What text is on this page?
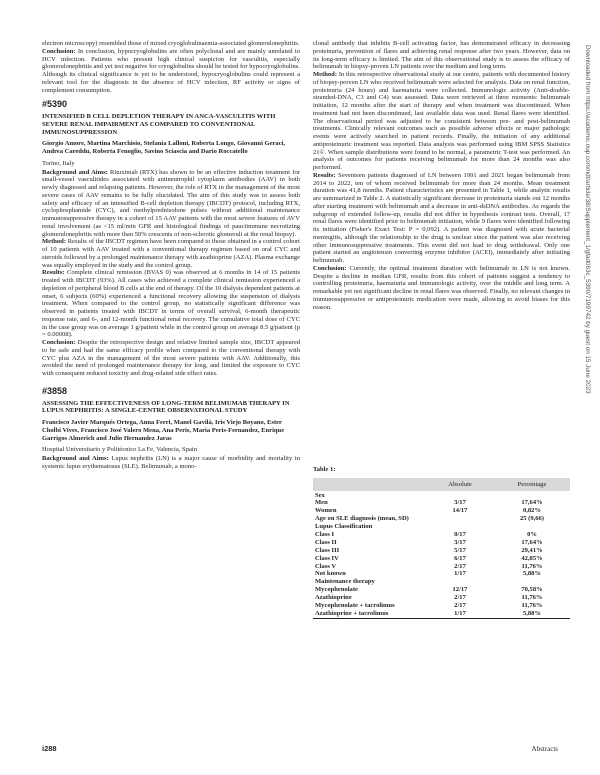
electron microscopy) resembled those of mixed cryoglobulinaemia-associated glomerulonephritis.

Conclusion: In conclusion, hypocryoglobulins are often polyclonal and are mainly unrelated to HCV infection. Patients who present high clinical suspicion for vasculitis, especially glomerulonephritis and yet test negative for cryoglobulins should be tested for hypocryoglobulins. Although its clinical significance is yet to be understood, hypocryoglobulins could represent a relevant tool for the diagnosis in the absence of HCV infection, RF activity or signs of complement consumption.

#5390
INTENSIFIED B CELL DEPLETION THERAPY IN ANCA-VASCULITIS WITH SEVERE RENAL IMPAIRMENT AS COMPARED TO CONVENTIONAL IMMUNOSUPPRESSION
Giorgio Amore, Martina Marchisio, Stefania Lalloni, Roberta Longo, Giovanni Geraci, Andrea Careddu, Roberta Fenoglio, Savino Sciascia and Dario Roccatello
Torino, Italy

Background and Aims: Rituximab (RTX) has shown to be an effective induction treatment for small-vessel vasculitides associated with antineutrophil cytoplasm antibodies (AAV) in both newly diagnosed and relapsing patients. However, the role of RTX in the management of the most severe cases of AAV remains to be fully elucidated. The aim of this study was to assess both safety and efficacy of an intensified B-cell depletion therapy (IBCDT) protocol, including RTX, cyclophosphamide (CYC), and methylprednisolone pulses without additional maintenance immunosuppressive therapy in a cohort of 15 AAV patients with the most severe features of AVV renal involvement (as <15 ml/min GFR and histological findings of pauciimmune necrotizing glomerulonephritis with more than 50% crescents of non-sclerotic glomeruli at the renal biopsy).

Method: Results of the IBCDT regimen have been compared to those obtained in a control cohort of 10 patients with AAV treated with a conventional therapy regimen based on oral CYC and steroids followed by a prolonged maintenance therapy with azathioprine (AZA). Plasma exchange was equally employed in the study and the control group.

Results: Complete clinical remission (BVAS 0) was observed at 6 months in 14 of 15 patients treated with IBCDT (93%). All cases who achieved a complete clinical remission experienced a depletion of peripheral blood B cells at the end of therapy. Of the 10 dialysis dependent patients at onset, 6 subjects (60%) experienced a functional recovery allowing the suspension of dialysis treatment. When compared to the control group, no statistically significant difference was observed in patients treated with IBCDT in terms of overall survival, 6-month therapeutic response rate, and 6-, and 12-month functional renal recovery. The cumulative total dose of CYC in the case group was on average 1 g/patient while in the control group on average 8.5 g/patient (p = 0.00008).

Conclusion: Despite the retrospective design and relative limited sample size, IBCDT appeared to be safe and had the same efficacy profile when compared to the conventional therapy with CYC plus AZA in the management of the most severe patients with AAV. Additionally, this avoided the need of prolonged maintenance therapy for long, and limited the exposure to CYC with consequent reduced toxicity and drug-related side effect rates.

#3858
ASSESSING THE EFFECTIVENESS OF LONG-TERM BELIMUMAB THERAPY IN LUPUS NEPHRITIS: A SINGLE-CENTRE OBSERVATIONAL STUDY
Francisco Javier Marqués Ortega, Anna Ferri, Manel Gavilà, Iris Viejo Boyano, Ester Cholbi Vives, Francisco José Valero Mena, Ana Peris, Maria Peris-Fernandez, Enrique Garrigos Almerich and Julio Hernandez Jaras
Hospital Universitario y Politécnico La Fe, Valencia, Spain

Background and Aims: Lupus nephritis (LN) is a major cause of morbidity and mortality in systemic lupus erythematosus (SLE). Belimumab, a mono-

clonal antibody that inhibits B-cell activating factor, has demonstrated efficacy in decreasing proteinuria, prevention of flares and achieving renal response after two years. However, data on its long-term efficacy is limited. The aim of this observational study is to assess the efficacy of belimumab in biopsy-proven LN patients over the medium and long term.

Method: In this retrospective observational study at our centre, patients with documented history of biopsy-proven LN who received belimumab were selected for analysis. Data on renal function, proteinuria (24 hours) and haematuria were collected. Immunologic activity (Anti-double-stranded-DNA, C3 and C4) was assessed. Data were retrieved at three moments: belimumab initiation, 12 months after the start of therapy and when treatment was discontinued. When treatment had not been discontinued, last available data was used. Renal flares were identified. The observational period was adjusted to be consistent between pre- and post-belimumab treatments. Clinically relevant outcomes such as possible adverse effects or major pathologic events were actively searched in patient records. Finally, the initiation of any additional antiproteinuric treatment was reported. Data analysis was performed using IBM SPSS Statistics 21©. When sample distributions were found to be normal, a parametric T-test was performed. An analysis of outcomes for patients receiving belimumab for more than 24 months was also performed.

Results: Seventeen patients diagnosed of LN between 1991 and 2021 began belimumab from 2014 to 2022, ten of whom received belimumab for more than 24 months. Mean treatment duration was 41,8 months. Patient characteristics are presented in Table 1, while analytic results are summarized in Table 2. A statistically significant decrease in proteinuria stands out 12 months after starting treatment with belimumab and a decrease in anti-dsDNA antibodies. As regards the subgroup of extended follow-up, results did not differ in hypothesis contrast tests. Overall, 17 renal flares were identified prior to belimumab initiation, while 9 flares were identified following its initiation (Fisher's Exact Test: P = 0,092). A patient was diagnosed with acute bacterial meningitis, although the relationship to the drug is unclear since the patient was also receiving other immunosuppressive treatments. This event did not lead to drug withdrawal. Only one patient started an angiotensin converting enzyme inhibitor (ACEI), immediately after initiating belimumab.

Conclusion: Currently, the optimal treatment duration with belimumab in LN is not known. Despite a decline in median GFR, results from this cohort of patients suggest a tendency to controlling proteinuria, haematuria and immunologic activity, over the middle and long term. A remarkable yet not significant decline in renal flares was observed. Finally, no relevant changes in immunosuppressive or antiproteinuric medication were made, allowing to avoid biases for this reason.

Table 1:
	Absolute	Percentage
Sex		
Men	3/17	17,64%
Women	14/17	0,82%
Age on SLE diagnosis (mean, SD)		25 (9,66)
Lupus Classification		
Class I	0/17	0%
Class II	3/17	17,64%
Class III	5/17	29,41%
Class IV	6/17	42,85%
Class V	2/17	11,76%
Not known	1/17	5,88%
Maintenance therapy		
Mycophenolate	12/17	70,58%
Azathioprine	2/17	11,76%
Mycophenolate + tacrolimus	2/17	11,76%
Azathioprine + tacrolimus	1/17	5,88%
Downloaded from https://academic.oup.com/ndt/article/38/Supplement_1/gfad063c_5390/7199742 by guest on 15 June 2023
i288	Abstracts
